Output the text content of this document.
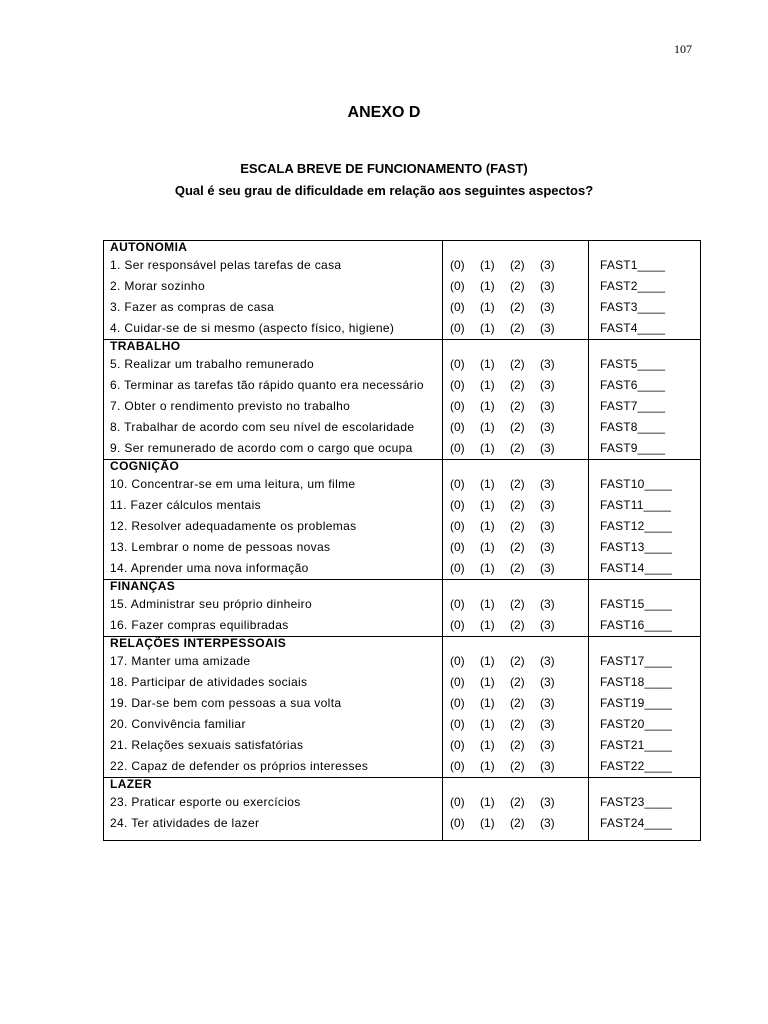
107
ANEXO D
ESCALA BREVE DE FUNCIONAMENTO (FAST)
Qual é seu grau de dificuldade em relação aos seguintes aspectos?
AUTONOMIA		

1. Ser responsável pelas tarefas de casa	(0) (1) (2) (3)	FAST1____

2. Morar sozinho	(0) (1) (2) (3)	FAST2____

3. Fazer as compras de casa	(0) (1) (2) (3)	FAST3____

4. Cuidar-se de si mesmo (aspecto físico, higiene)	(0) (1) (2) (3)	FAST4____
TRABALHO		

5. Realizar um trabalho remunerado	(0) (1) (2) (3)	FAST5____

6. Terminar as tarefas tão rápido quanto era necessário	(0) (1) (2) (3)	FAST6____

7. Obter o rendimento previsto no trabalho	(0) (1) (2) (3)	FAST7____

8. Trabalhar de acordo com seu nível de escolaridade	(0) (1) (2) (3)	FAST8____

9. Ser remunerado de acordo com o cargo que ocupa	(0) (1) (2) (3)	FAST9____
COGNIÇÃO		

10. Concentrar-se em uma leitura, um filme	(0) (1) (2) (3)	FAST10____

11. Fazer cálculos mentais	(0) (1) (2) (3)	FAST11____

12. Resolver adequadamente os problemas	(0) (1) (2) (3)	FAST12____

13. Lembrar o nome de pessoas novas	(0) (1) (2) (3)	FAST13____

14. Aprender uma nova informação	(0) (1) (2) (3)	FAST14____
FINANÇAS		

15. Administrar seu próprio dinheiro	(0) (1) (2) (3)	FAST15____

16. Fazer compras equilibradas	(0) (1) (2) (3)	FAST16____
RELAÇÕES INTERPESSOAIS		

17. Manter uma amizade	(0) (1) (2) (3)	FAST17____

18. Participar de atividades sociais	(0) (1) (2) (3)	FAST18____

19. Dar-se bem com pessoas a sua volta	(0) (1) (2) (3)	FAST19____

20. Convivência familiar	(0) (1) (2) (3)	FAST20____

21. Relações sexuais satisfatórias	(0) (1) (2) (3)	FAST21____

22. Capaz de defender os próprios interesses	(0) (1) (2) (3)	FAST22____
LAZER		

23. Praticar esporte ou exercícios	(0) (1) (2) (3)	FAST23____

24. Ter atividades de lazer	(0) (1) (2) (3)	FAST24____
